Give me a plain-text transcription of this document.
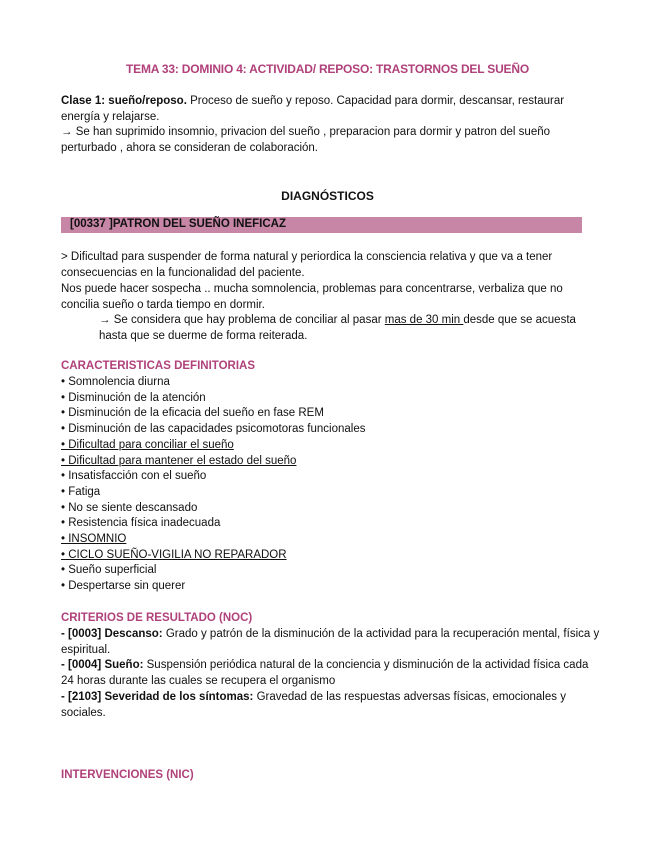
TEMA 33: DOMINIO 4: ACTIVIDAD/ REPOSO: TRASTORNOS DEL SUEÑO
Clase 1: sueño/reposo. Proceso de sueño y reposo. Capacidad para dormir, descansar, restaurar energía y relajarse.
→ Se han suprimido insomnio, privacion del sueño , preparacion para dormir y patron del sueño perturbado , ahora se consideran de colaboración.
DIAGNÓSTICOS
[00337 ]PATRON DEL SUEÑO INEFICAZ
> Dificultad para suspender de forma natural y periordica la consciencia relativa y que va a tener consecuencias en la funcionalidad del paciente.
Nos puede hacer sospecha .. mucha somnolencia, problemas para concentrarse, verbaliza que no concilia sueño o tarda tiempo en dormir.
→ Se considera que hay problema de conciliar al pasar mas de 30 min desde que se acuesta hasta que se duerme de forma reiterada.
CARACTERISTICAS DEFINITORIAS
• Somnolencia diurna
• Disminución de la atención
• Disminución de la eficacia del sueño en fase REM
• Disminución de las capacidades psicomotoras funcionales
• Dificultad para conciliar el sueño
• Dificultad para mantener el estado del sueño
• Insatisfacción con el sueño
• Fatiga
• No se siente descansado
• Resistencia física inadecuada
• INSOMNIO
• CICLO SUEÑO-VIGILIA NO REPARADOR
• Sueño superficial
• Despertarse sin querer
CRITERIOS DE RESULTADO (NOC)
- [0003] Descanso: Grado y patrón de la disminución de la actividad para la recuperación mental, física y espiritual.
- [0004] Sueño: Suspensión periódica natural de la conciencia y disminución de la actividad física cada 24 horas durante las cuales se recupera el organismo
- [2103] Severidad de los síntomas: Gravedad de las respuestas adversas físicas, emocionales y sociales.
INTERVENCIONES (NIC)
